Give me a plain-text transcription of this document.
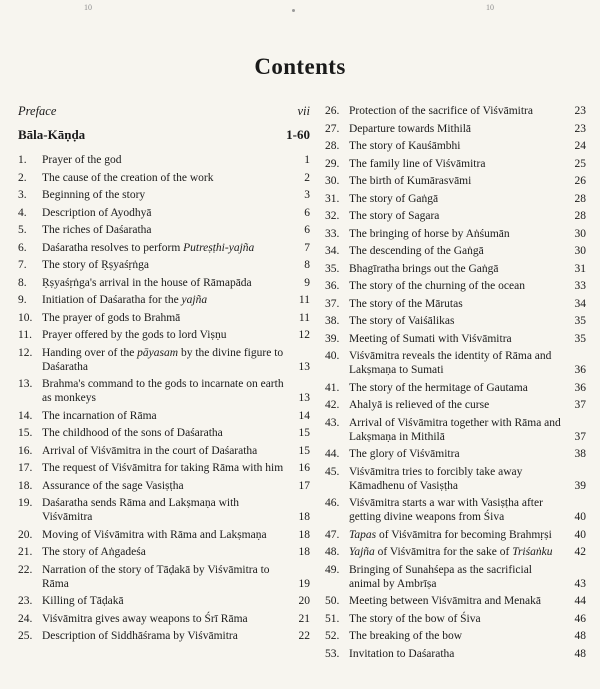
10	10
Contents
Preface	vii
Bāla-Kāṇḍa	1-60
1.	Prayer of the god	1
2.	The cause of the creation of the work	2
3.	Beginning of the story	3
4.	Description of Ayodhyā	6
5.	The riches of Daśaratha	6
6.	Daśaratha resolves to perform Putreṣṭhi-yajña	7
7.	The story of Ṛṣyaśṛṅga	8
8.	Ṛṣyaśṛṅga's arrival in the house of Rāmapāda	9
9.	Initiation of Daśaratha for the yajña	11
10. The prayer of gods to Brahmā	11
11. Prayer offered by the gods to lord Viṣṇu	12
12. Handing over of the pāyasam by the divine figure to Daśaratha	13
13. Brahma's command to the gods to incarnate on earth as monkeys	13
14. The incarnation of Rāma	14
15. The childhood of the sons of Daśaratha	15
16. Arrival of Viśvāmitra in the court of Daśaratha	15
17. The request of Viśvāmitra for taking Rāma with him	16
18. Assurance of the sage Vasiṣṭha	17
19. Daśaratha sends Rāma and Lakṣmaṇa with Viśvāmitra	18
20. Moving of Viśvāmitra with Rāma and Lakṣmaṇa	18
21. The story of Aṅgadeśa	18
22. Narration of the story of Tāḍakā by Viśvāmitra to Rāma	19
23. Killing of Tāḍakā	20
24. Viśvāmitra gives away weapons to Śrī Rāma	21
25. Description of Siddhāśrama by Viśvāmitra	22
26. Protection of the sacrifice of Viśvāmitra	23
27. Departure towards Mithilā	23
28. The story of Kauśāmbhi	24
29. The family line of Viśvāmitra	25
30. The birth of Kumārasvāmi	26
31. The story of Gaṅgā	28
32. The story of Sagara	28
33. The bringing of horse by Aṅśumān	30
34. The descending of the Gaṅgā	30
35. Bhagīratha brings out the Gaṅgā	31
36. The story of the churning of the ocean	33
37. The story of the Mārutas	34
38. The story of Vaiśālikas	35
39. Meeting of Sumati with Viśvāmitra	35
40. Viśvāmitra reveals the identity of Rāma and Lakṣmaṇa to Sumati	36
41. The story of the hermitage of Gautama	36
42. Ahalyā is relieved of the curse	37
43. Arrival of Viśvāmitra together with Rāma and Lakṣmaṇa in Mithilā	37
44. The glory of Viśvāmitra	38
45. Viśvāmitra tries to forcibly take away Kāmadhenu of Vasiṣṭha	39
46. Viśvāmitra starts a war with Vasiṣṭha after getting divine weapons from Śiva	40
47. Tapas of Viśvāmitra for becoming Brahmṛṣi	40
48. Yajña of Viśvāmitra for the sake of Triśaṅku	42
49. Bringing of Sunahśepa as the sacrificial animal by Ambrīṣa	43
50. Meeting between Viśvāmitra and Menakā	44
51. The story of the bow of Śiva	46
52. The breaking of the bow	48
53. Invitation to Daśaratha	48
